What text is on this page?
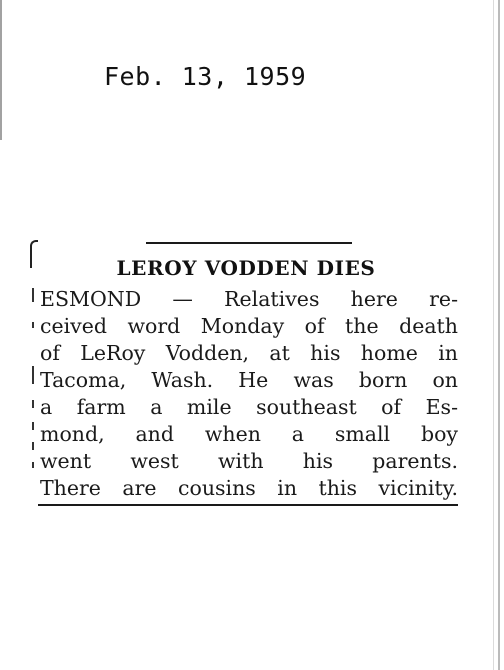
Feb. 13, 1959
LEROY VODDEN DIES
ESMOND — Relatives here re-
ceived word Monday of the death
of LeRoy Vodden, at his home in
Tacoma, Wash. He was born on
a farm a mile southeast of Es-
mond, and when a small boy
went west with his parents.
There are cousins in this vicinity.
